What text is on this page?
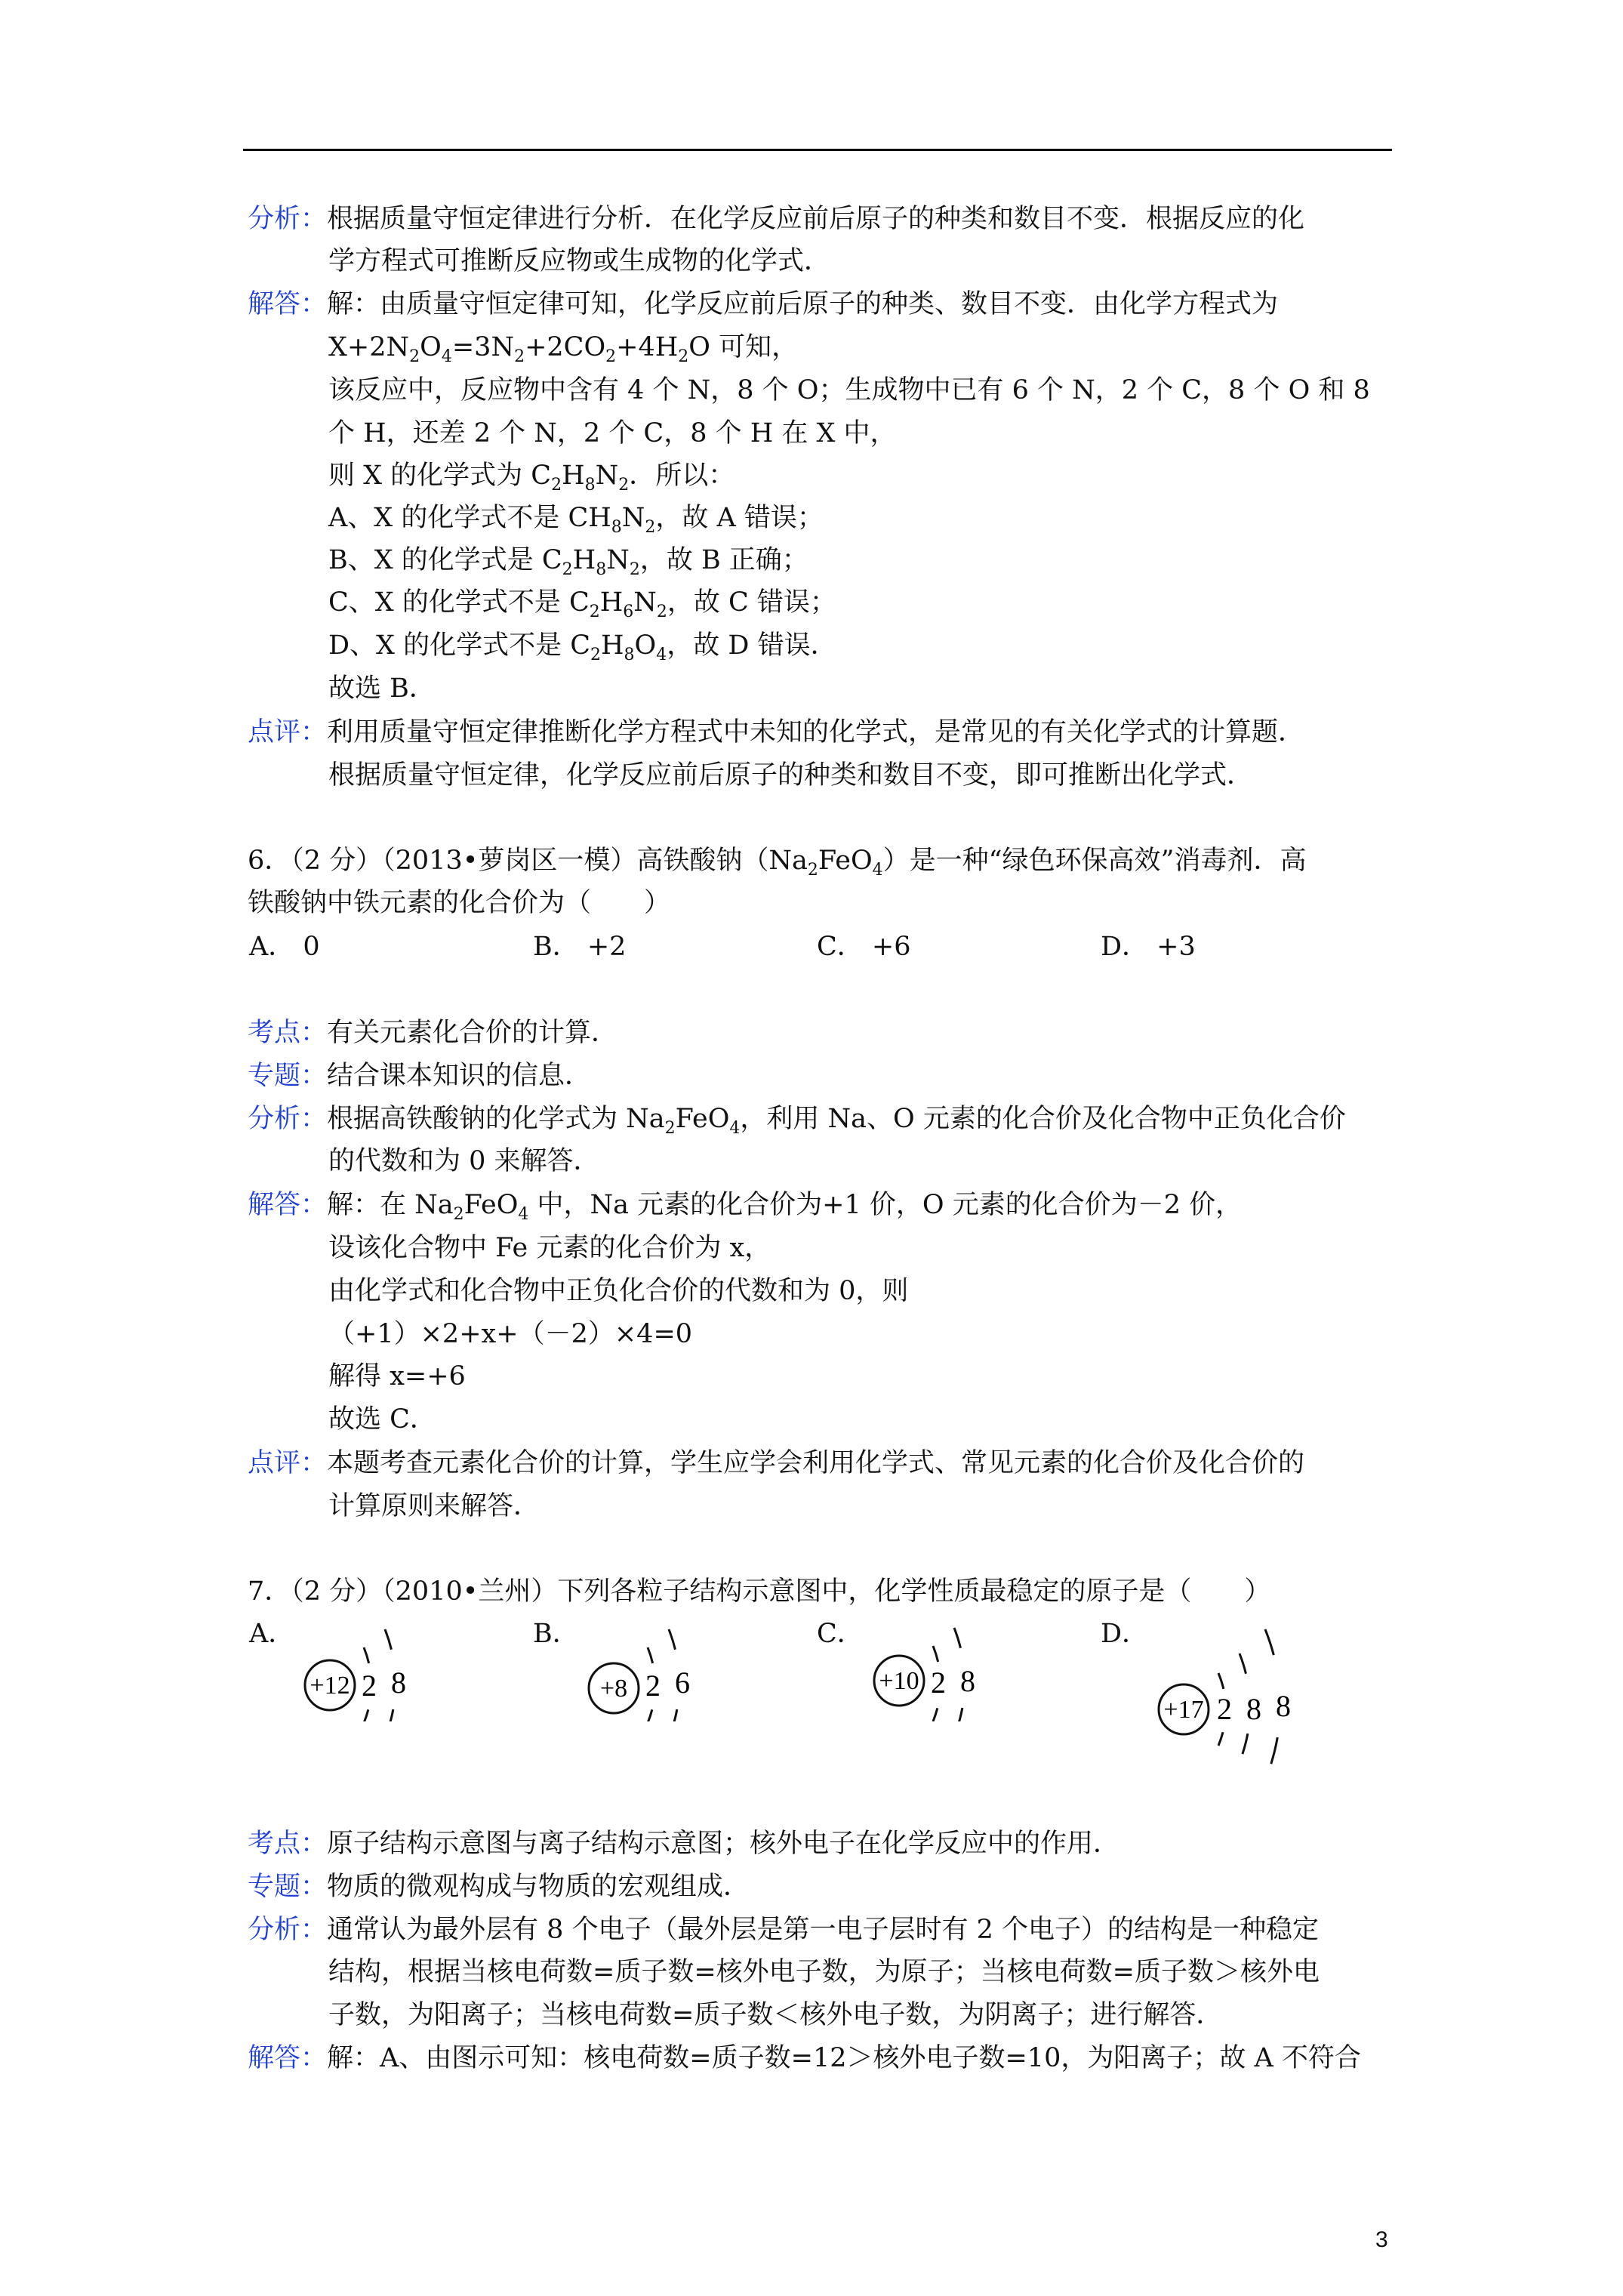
分析：根据质量守恒定律进行分析．在化学反应前后原子的种类和数目不变．根据反应的化
学方程式可推断反应物或生成物的化学式．
解答：解：由质量守恒定律可知，化学反应前后原子的种类、数目不变．由化学方程式为
$X+2N_2O_4=3N_2+2CO_2+4H_2O$ 可知，
该反应中，反应物中含有 4 个 N，8 个 O；生成物中已有 6 个 N，2 个 C，8 个 O 和 8
个 H，还差 2 个 N，2 个 C，8 个 H 在 X 中，
则 X 的化学式为 $C_2H_8N_2$．所以：
A、X 的化学式不是 $CH_8N_2$，故 A 错误；
B、X 的化学式是 $C_2H_8N_2$，故 B 正确；
C、X 的化学式不是 $C_2H_6N_2$，故 C 错误；
D、X 的化学式不是 $C_2H_8O_4$，故 D 错误．
故选 B．
点评：利用质量守恒定律推断化学方程式中未知的化学式，是常见的有关化学式的计算题．
根据质量守恒定律，化学反应前后原子的种类和数目不变，即可推断出化学式．
6．（2 分）（2013•萝岗区一模）高铁酸钠$(Na_2FeO_4)$是一种“绿色环保高效”消毒剂．高
铁酸钠中铁元素的化合价为（　　）
A． 0	B． +2	C． +6	D． +3
考点：有关元素化合价的计算．
专题：结合课本知识的信息．
分析：根据高铁酸钠的化学式为 $Na_2FeO_4$，利用 Na、O 元素的化合价及化合物中正负化合价
的代数和为 0 来解答．
解答：解：在 $Na_2FeO_4$ 中，Na 元素的化合价为+1 价，O 元素的化合价为－2 价，
设该化合物中 Fe 元素的化合价为 x，
由化学式和化合物中正负化合价的代数和为 0，则
（+1）×2+x+（－2）×4=0
解得 x=+6
故选 C．
点评：本题考查元素化合价的计算，学生应学会利用化学式、常见元素的化合价及化合价的
计算原则来解答．
7．（2 分）（2010•兰州）下列各粒子结构示意图中，化学性质最稳定的原子是（　　）
A．	B．	C．	D．
+12 2 8	+8 2 6	+10 2 8
+17 2 8 8
考点：原子结构示意图与离子结构示意图；核外电子在化学反应中的作用．
专题：物质的微观构成与物质的宏观组成．
分析：通常认为最外层有 8 个电子（最外层是第一电子层时有 2 个电子）的结构是一种稳定
结构，根据当核电荷数=质子数=核外电子数，为原子；当核电荷数=质子数＞核外电
子数，为阳离子；当核电荷数=质子数＜核外电子数，为阴离子；进行解答．
解答：解：A、由图示可知：核电荷数=质子数=12＞核外电子数=10，为阳离子；故 A 不符合
3
